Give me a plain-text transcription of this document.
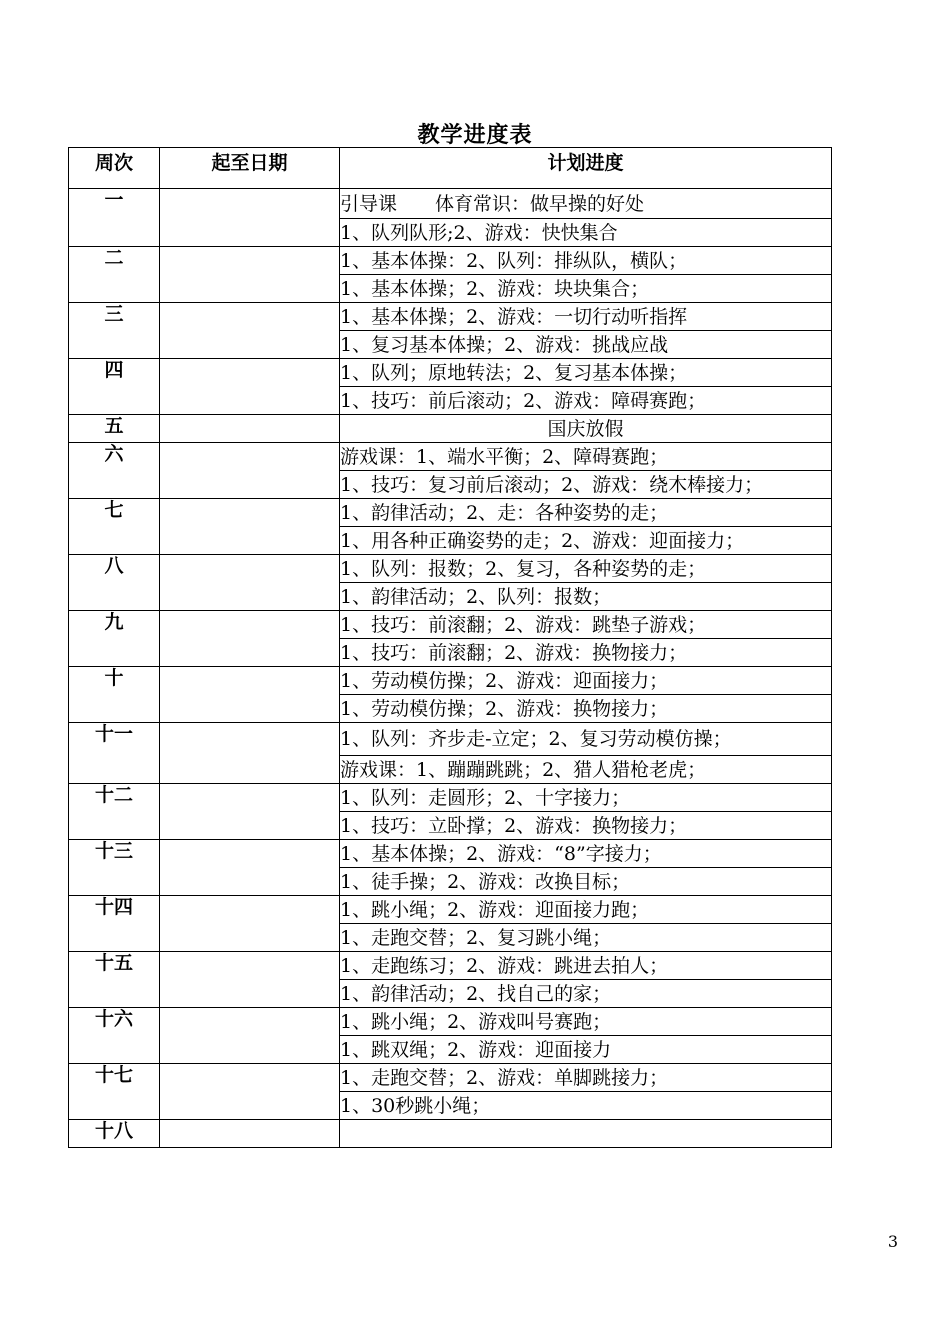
教学进度表
周次	起至日期	计划进度
一		引导课　　体育常识：做早操的好处
		1、队列队形;2、游戏：快快集合
二		1、基本体操：2、队列：排纵队，横队；
		1、基本体操；2、游戏：块块集合；
三		1、基本体操；2、游戏：一切行动听指挥
		1、复习基本体操；2、游戏：挑战应战
四		1、队列；原地转法；2、复习基本体操；
		1、技巧：前后滚动；2、游戏：障碍赛跑；
五		国庆放假
六		游戏课：1、端水平衡；2、障碍赛跑；
		1、技巧：复习前后滚动；2、游戏：绕木棒接力；
七		1、韵律活动；2、走：各种姿势的走；
		1、用各种正确姿势的走；2、游戏：迎面接力；
八		1、队列：报数；2、复习，各种姿势的走；
		1、韵律活动；2、队列：报数；
九		1、技巧：前滚翻；2、游戏：跳垫子游戏；
		1、技巧：前滚翻；2、游戏：换物接力；
十		1、劳动模仿操；2、游戏：迎面接力；
		1、劳动模仿操；2、游戏：换物接力；
十一		1、队列：齐步走-立定；2、复习劳动模仿操；
		游戏课：1、蹦蹦跳跳；2、猎人猎枪老虎；
十二		1、队列：走圆形；2、十字接力；
		1、技巧：立卧撑；2、游戏：换物接力；
十三		1、基本体操；2、游戏：“8”字接力；
		1、徒手操；2、游戏：改换目标；
十四		1、跳小绳；2、游戏：迎面接力跑；
		1、走跑交替；2、复习跳小绳；
十五		1、走跑练习；2、游戏：跳进去拍人；
		1、韵律活动；2、找自己的家；
十六		1、跳小绳；2、游戏叫号赛跑；
		1、跳双绳；2、游戏：迎面接力
十七		1、走跑交替；2、游戏：单脚跳接力；
		1、30秒跳小绳；
十八		
3
